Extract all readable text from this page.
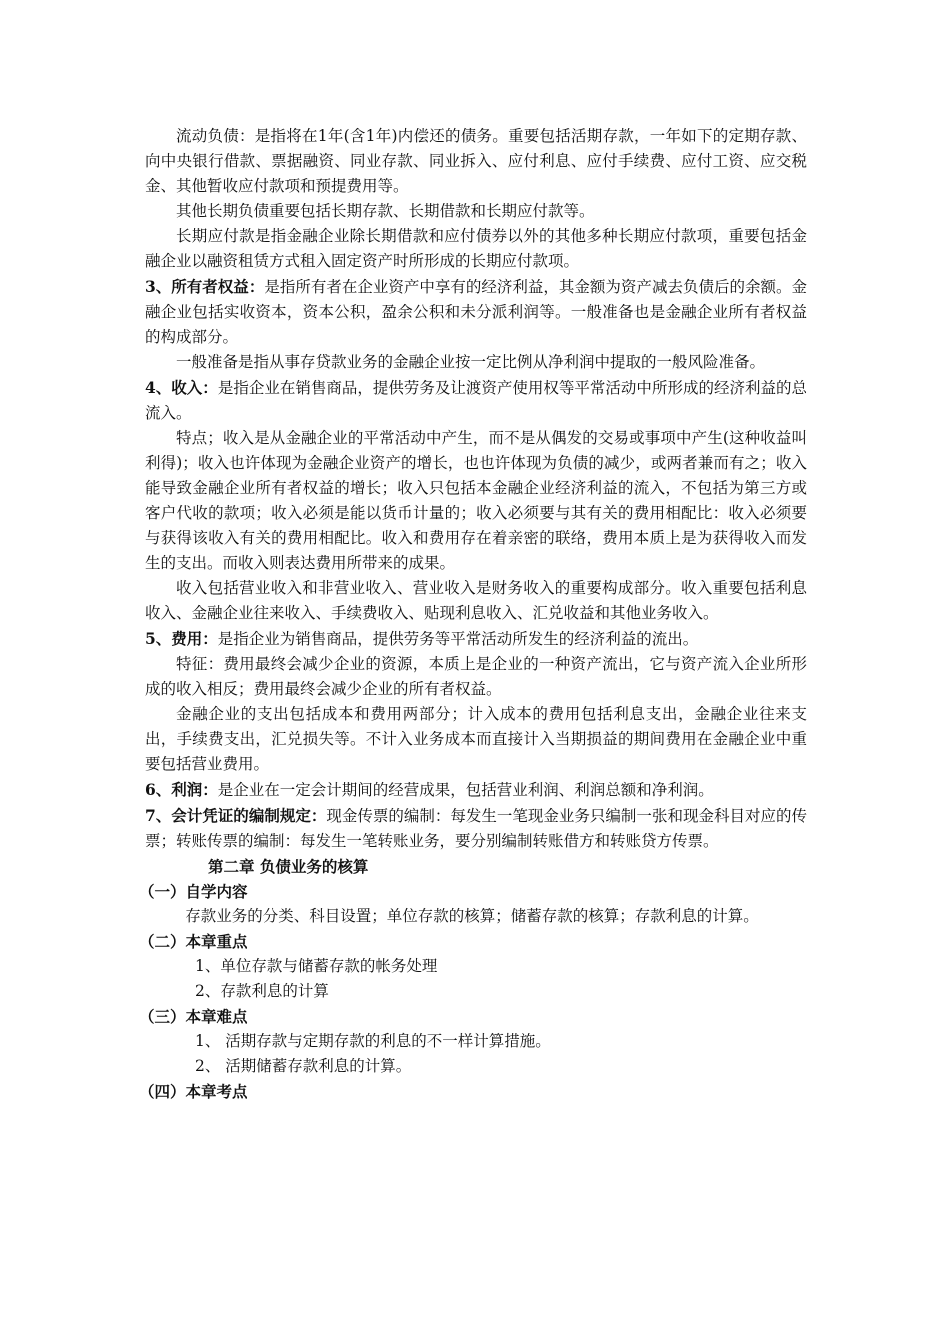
流动负债：是指将在1年(含1年)内偿还的债务。重要包括活期存款，一年如下的定期存款、向中央银行借款、票据融资、同业存款、同业拆入、应付利息、应付手续费、应付工资、应交税金、其他暂收应付款项和预提费用等。

其他长期负债重要包括长期存款、长期借款和长期应付款等。

长期应付款是指金融企业除长期借款和应付债券以外的其他多种长期应付款项，重要包括金融企业以融资租赁方式租入固定资产时所形成的长期应付款项。

3、所有者权益：是指所有者在企业资产中享有的经济利益，其金额为资产减去负债后的余额。金融企业包括实收资本，资本公积，盈余公积和未分派利润等。一般准备也是金融企业所有者权益的构成部分。

一般准备是指从事存贷款业务的金融企业按一定比例从净利润中提取的一般风险准备。

4、收入：是指企业在销售商品，提供劳务及让渡资产使用权等平常活动中所形成的经济利益的总流入。

特点；收入是从金融企业的平常活动中产生，而不是从偶发的交易或事项中产生(这种收益叫利得)；收入也许体现为金融企业资产的增长，也也许体现为负债的减少，或两者兼而有之；收入能导致金融企业所有者权益的增长；收入只包括本金融企业经济利益的流入，不包括为第三方或客户代收的款项；收入必须是能以货币计量的；收入必须要与其有关的费用相配比：收入必须要与获得该收入有关的费用相配比。收入和费用存在着亲密的联络，费用本质上是为获得收入而发生的支出。而收入则表达费用所带来的成果。

收入包括营业收入和非营业收入、营业收入是财务收入的重要构成部分。收入重要包括利息收入、金融企业往来收入、手续费收入、贴现利息收入、汇兑收益和其他业务收入。

5、费用：是指企业为销售商品，提供劳务等平常活动所发生的经济利益的流出。

特征：费用最终会减少企业的资源，本质上是企业的一种资产流出，它与资产流入企业所形成的收入相反；费用最终会减少企业的所有者权益。

金融企业的支出包括成本和费用两部分；计入成本的费用包括利息支出，金融企业往来支出，手续费支出，汇兑损失等。不计入业务成本而直接计入当期损益的期间费用在金融企业中重要包括营业费用。

6、利润：是企业在一定会计期间的经营成果，包括营业利润、利润总额和净利润。

7、会计凭证的编制规定：现金传票的编制：每发生一笔现金业务只编制一张和现金科目对应的传票；转账传票的编制：每发生一笔转账业务，要分别编制转账借方和转账贷方传票。

第二章 负债业务的核算

（一）自学内容

存款业务的分类、科目设置；单位存款的核算；储蓄存款的核算；存款利息的计算。

（二）本章重点

1、单位存款与储蓄存款的帐务处理

2、存款利息的计算

（三）本章难点

1、 活期存款与定期存款的利息的不一样计算措施。

2、 活期储蓄存款利息的计算。

（四）本章考点
